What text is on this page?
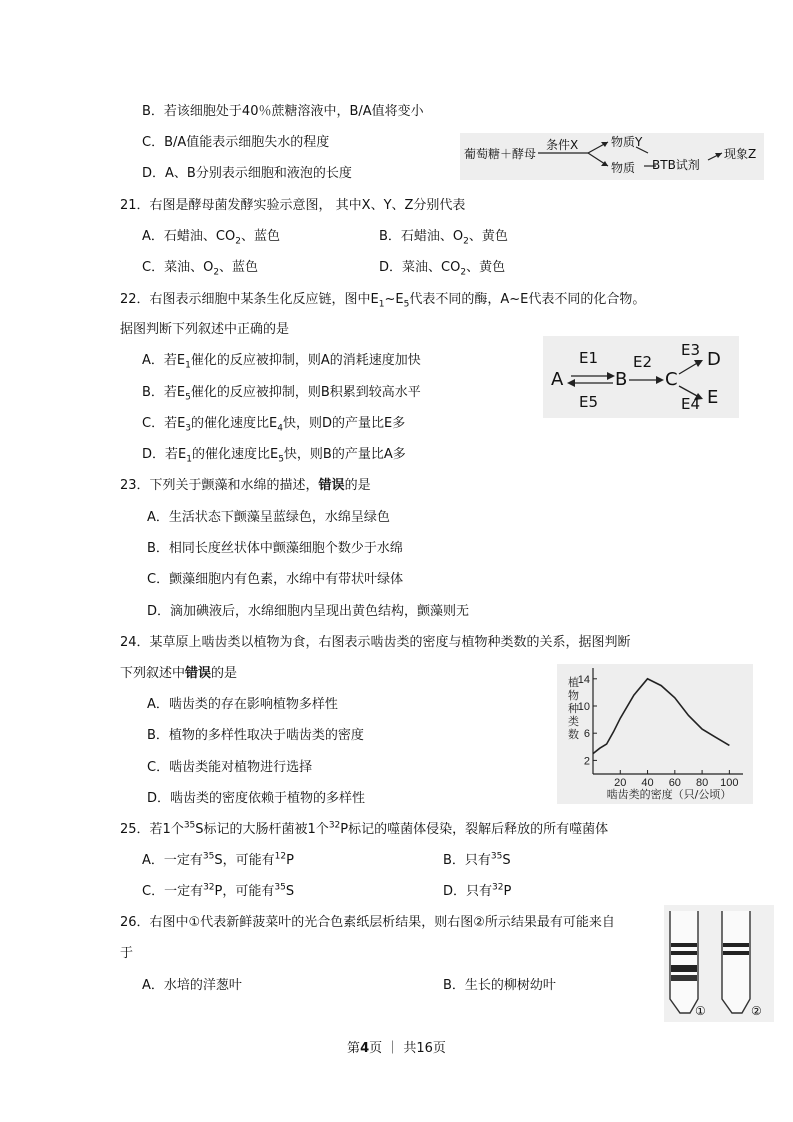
B．若该细胞处于40％蔗糖溶液中，B/A值将变小
C．B/A值能表示细胞失水的程度
D．A、B分别表示细胞和液泡的长度
葡萄糖＋酵母
条件X	物质Y
物质 BTB试剂
现象Z
21．右图是酵母菌发酵实验示意图， 其中X、Y、Z分别代表
A．石蜡油、$CO_2$、蓝色	B．石蜡油、$O_2$、黄色
C．菜油、$O_2$、蓝色	D．菜油、$CO_2$、黄色
22．右图表示细胞中某条生化反应链，图中$E_1\sim E_5$代表不同的酶，A~E代表不同的化合物。
据图判断下列叙述中正确的是
A．若$E_1$催化的反应被抑制，则A的消耗速度加快
B．若$E_5$催化的反应被抑制，则B积累到较高水平
C．若$E_3$的催化速度比$E_4$快，则D的产量比E多
D．若$E_1$的催化速度比$E_5$快，则B的产量比A多
A	B C
D
E
E1 E2
E3
E4
E5
23．下列关于颤藻和水绵的描述，错误的是
A．生活状态下颤藻呈蓝绿色，水绵呈绿色
B．相同长度丝状体中颤藻细胞个数少于水绵
C．颤藻细胞内有色素，水绵中有带状叶绿体
D．滴加碘液后，水绵细胞内呈现出黄色结构，颤藻则无
24．某草原上啮齿类以植物为食，右图表示啮齿类的密度与植物种类数的关系，据图判断
下列叙述中错误的是
A．啮齿类的存在影响植物多样性
B．植物的多样性取决于啮齿类的密度
C．啮齿类能对植物进行选择
D．啮齿类的密度依赖于植物的多样性
2
6
10
14
20 40 60 80 100
植物种类数
啮齿类的密度（只/公顷）
25．若1个$^{35}$S标记的大肠杆菌被1个$^{32}$P标记的噬菌体侵染，裂解后释放的所有噬菌体
A．一定有$^{35}$S，可能有$^{12}$P	B．只有$^{35}$S
C．一定有$^{32}$P，可能有$^{35}$S	D．只有$^{32}$P
26．右图中①代表新鲜菠菜叶的光合色素纸层析结果，则右图②所示结果最有可能来自
于
A．水培的洋葱叶	B．生长的柳树幼叶
①	②
第4页 ｜ 共16页
